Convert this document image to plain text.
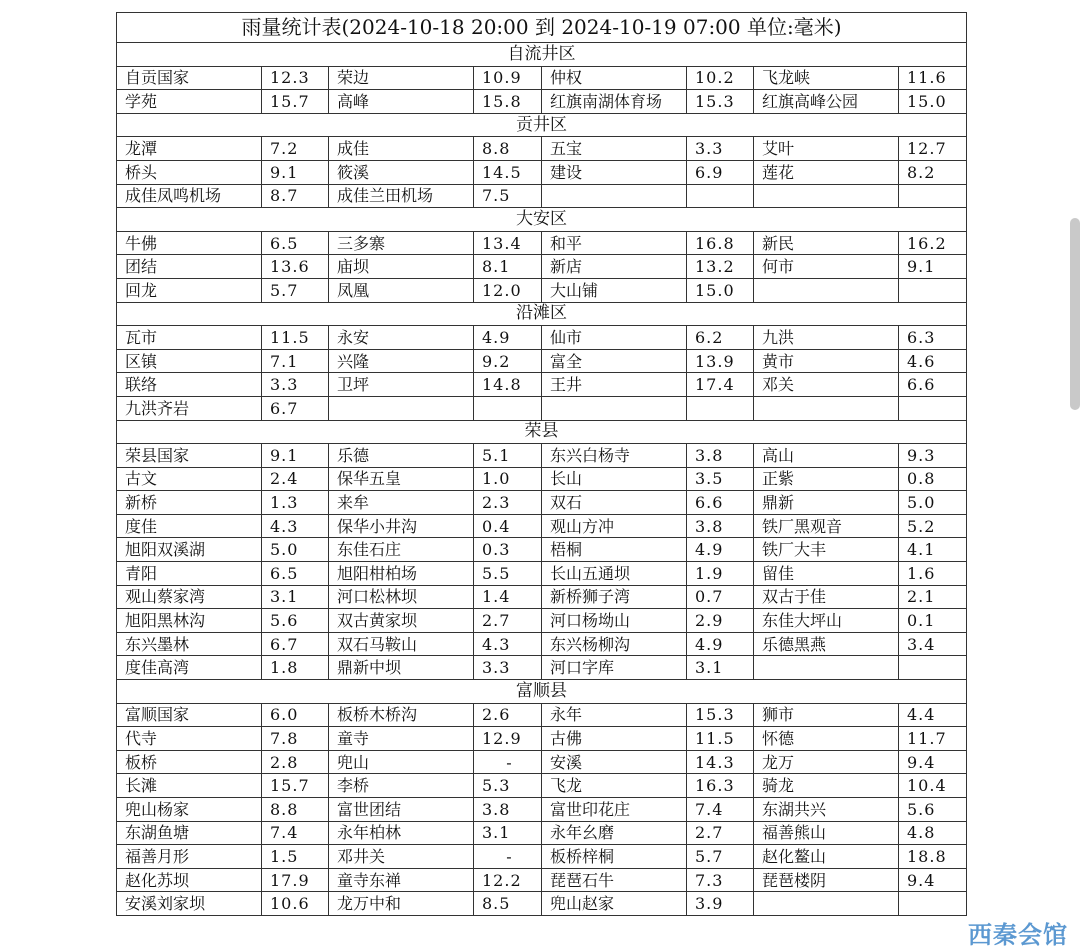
雨量统计表(2024-10-18 20:00 到 2024-10-19 07:00 单位:毫米)							
自流井区							
自贡国家	12.3	荣边	10.9	仲权	10.2	飞龙峡	11.6
学苑	15.7	高峰	15.8	红旗南湖体育场	15.3	红旗高峰公园	15.0
贡井区							
龙潭	7.2	成佳	8.8	五宝	3.3	艾叶	12.7
桥头	9.1	筱溪	14.5	建设	6.9	莲花	8.2
成佳凤鸣机场	8.7	成佳兰田机场	7.5				
大安区							
牛佛	6.5	三多寨	13.4	和平	16.8	新民	16.2
团结	13.6	庙坝	8.1	新店	13.2	何市	9.1
回龙	5.7	凤凰	12.0	大山铺	15.0		
沿滩区							
瓦市	11.5	永安	4.9	仙市	6.2	九洪	6.3
区镇	7.1	兴隆	9.2	富全	13.9	黄市	4.6
联络	3.3	卫坪	14.8	王井	17.4	邓关	6.6
九洪齐岩	6.7						
荣县							
荣县国家	9.1	乐德	5.1	东兴白杨寺	3.8	高山	9.3
古文	2.4	保华五皇	1.0	长山	3.5	正紫	0.8
新桥	1.3	来牟	2.3	双石	6.6	鼎新	5.0
度佳	4.3	保华小井沟	0.4	观山方冲	3.8	铁厂黑观音	5.2
旭阳双溪湖	5.0	东佳石庄	0.3	梧桐	4.9	铁厂大丰	4.1
青阳	6.5	旭阳柑柏场	5.5	长山五通坝	1.9	留佳	1.6
观山蔡家湾	3.1	河口松林坝	1.4	新桥狮子湾	0.7	双古于佳	2.1
旭阳黑林沟	5.6	双古黄家坝	2.7	河口杨坳山	2.9	东佳大坪山	0.1
东兴墨林	6.7	双石马鞍山	4.3	东兴杨柳沟	4.9	乐德黑燕	3.4
度佳高湾	1.8	鼎新中坝	3.3	河口字库	3.1		
富顺县							
富顺国家	6.0	板桥木桥沟	2.6	永年	15.3	狮市	4.4
代寺	7.8	童寺	12.9	古佛	11.5	怀德	11.7
板桥	2.8	兜山	-	安溪	14.3	龙万	9.4
长滩	15.7	李桥	5.3	飞龙	16.3	骑龙	10.4
兜山杨家	8.8	富世团结	3.8	富世印花庄	7.4	东湖共兴	5.6
东湖鱼塘	7.4	永年柏林	3.1	永年幺磨	2.7	福善熊山	4.8
福善月形	1.5	邓井关	-	板桥梓桐	5.7	赵化鳌山	18.8
赵化苏坝	17.9	童寺东禅	12.2	琵琶石牛	7.3	琵琶楼阴	9.4
安溪刘家坝	10.6	龙万中和	8.5	兜山赵家	3.9		
西秦会馆
